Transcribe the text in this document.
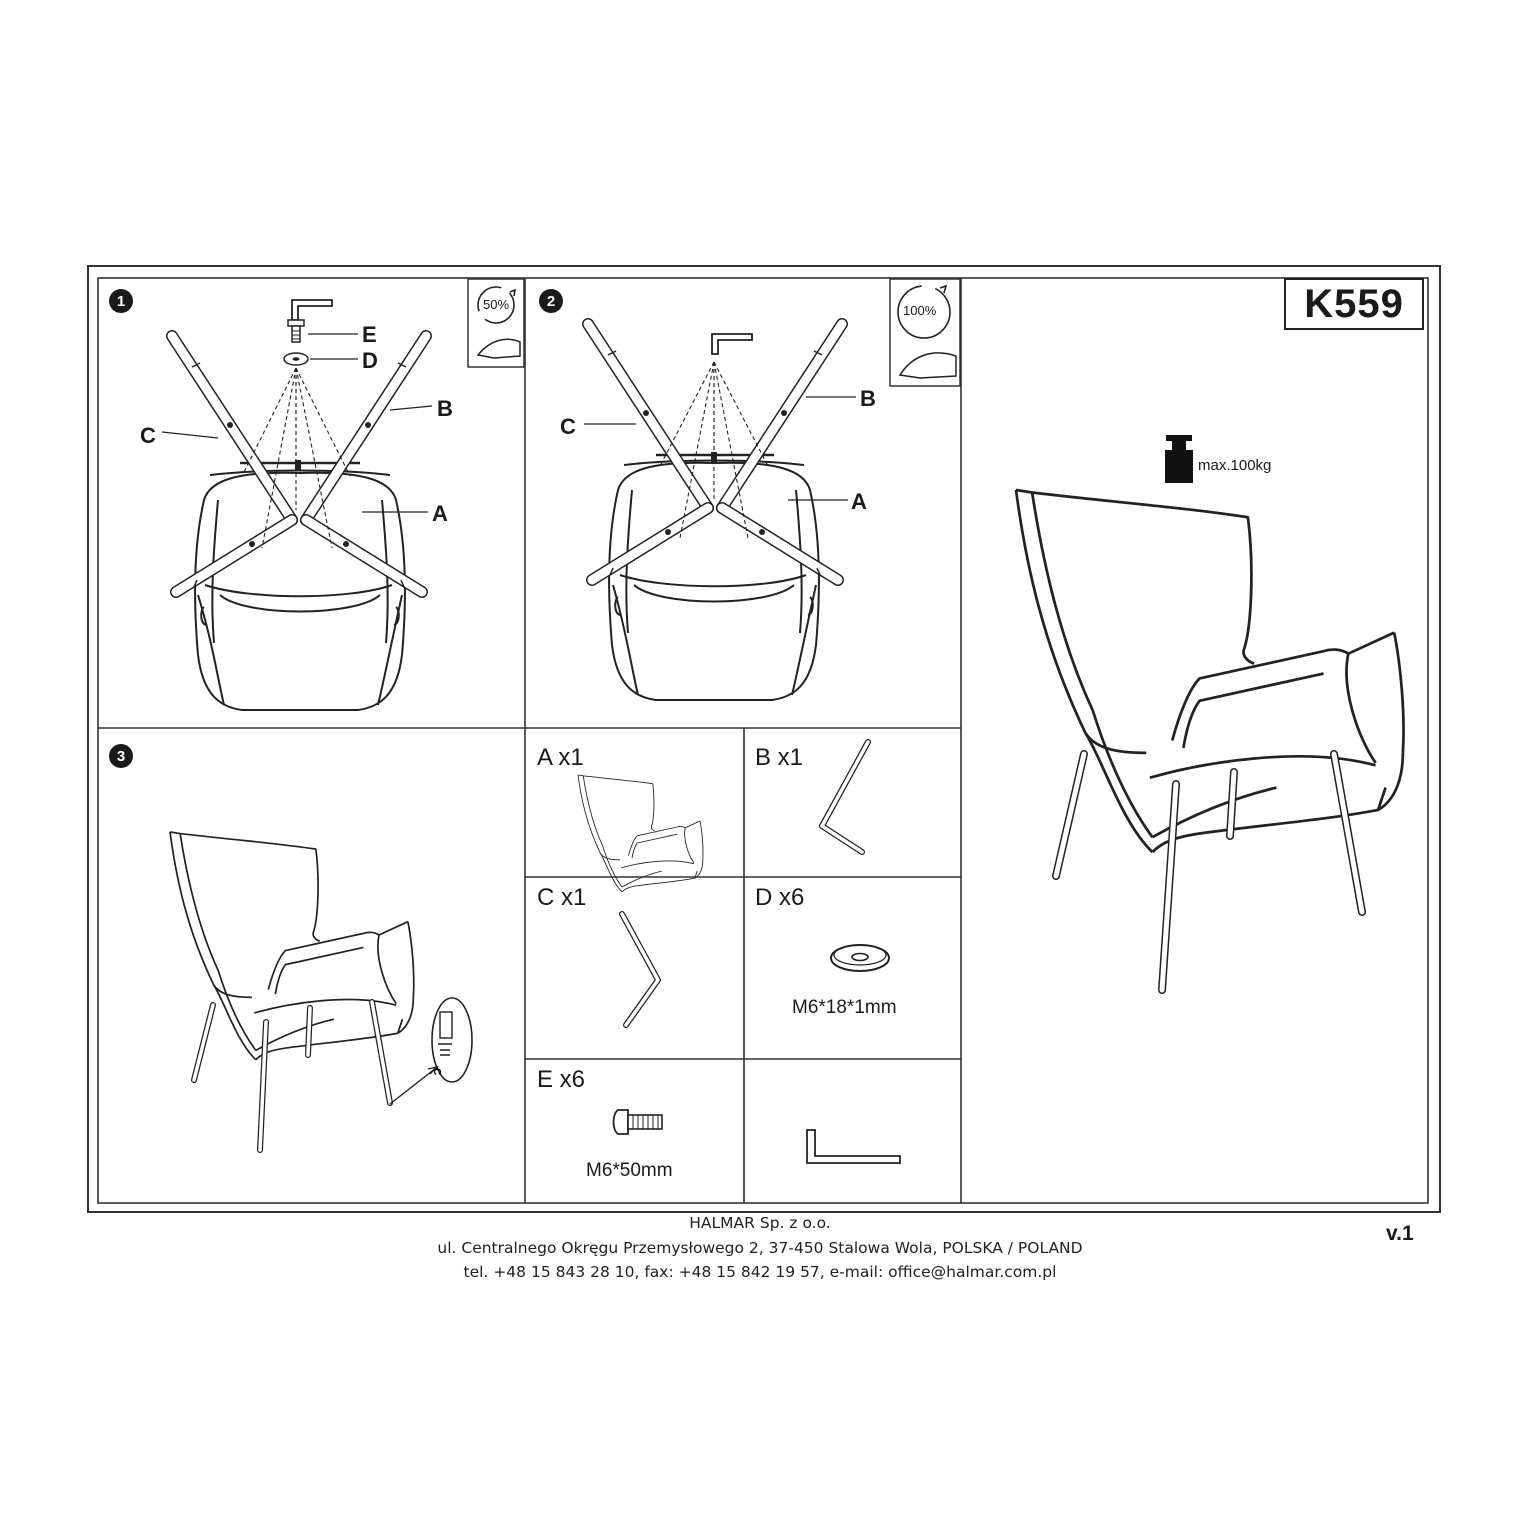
C
1	2
3
50%	100%
E
D
B
C
A
B
C
A
K559
max.100kg
A x1	B x1
C x1	D x6
M6*18*1mm
E x6
M6*50mm
v.1
HALMAR Sp. z o.o.
ul. Centralnego Okręgu Przemysłowego 2, 37-450 Stalowa Wola, POLSKA / POLAND
tel. +48 15 843 28 10, fax: +48 15 842 19 57, e-mail: office@halmar.com.pl
